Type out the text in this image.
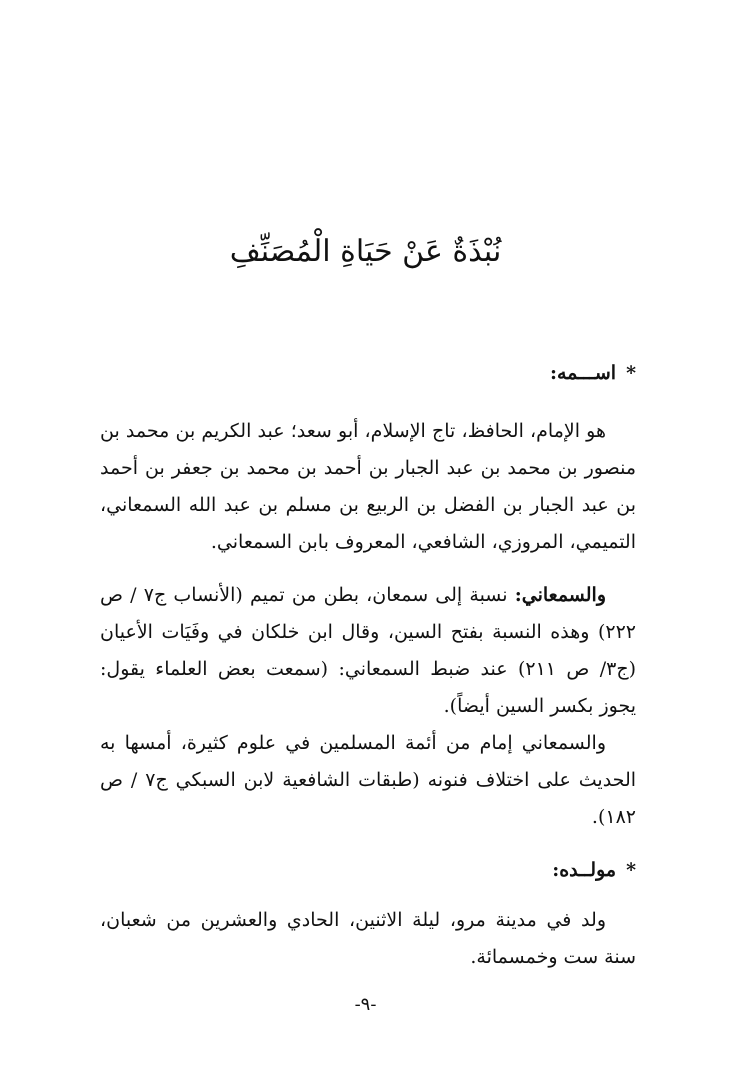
نُبْذَةٌ عَنْ حَيَاةِ الْمُصَنِّفِ
*اســـمه:
هو الإمام، الحافظ، تاج الإسلام، أبو سعد؛ عبد الكريم بن محمد بن منصور بن محمد بن عبد الجبار بن أحمد بن محمد بن جعفر بن أحمد بن عبد الجبار بن الفضل بن الربيع بن مسلم بن عبد الله السمعاني، التميمي، المروزي، الشافعي، المعروف بابن السمعاني.
والسمعاني: نسبة إلى سمعان، بطن من تميم (الأنساب ج٧ / ص ٢٢٢) وهذه النسبة بفتح السين، وقال ابن خلكان في وفَيَات الأعيان (ج٣/ ص ٢١١) عند ضبط السمعاني: (سمعت بعض العلماء يقول: يجوز بكسر السين أيضاً).
والسمعاني إمام من أئمة المسلمين في علوم كثيرة، أمسها به الحديث على اختلاف فنونه (طبقات الشافعية لابن السبكي ج٧ / ص ١٨٢).
*مولــده:
ولد في مدينة مرو، ليلة الاثنين، الحادي والعشرين من شعبان، سنة ست وخمسمائة.
-٩-
